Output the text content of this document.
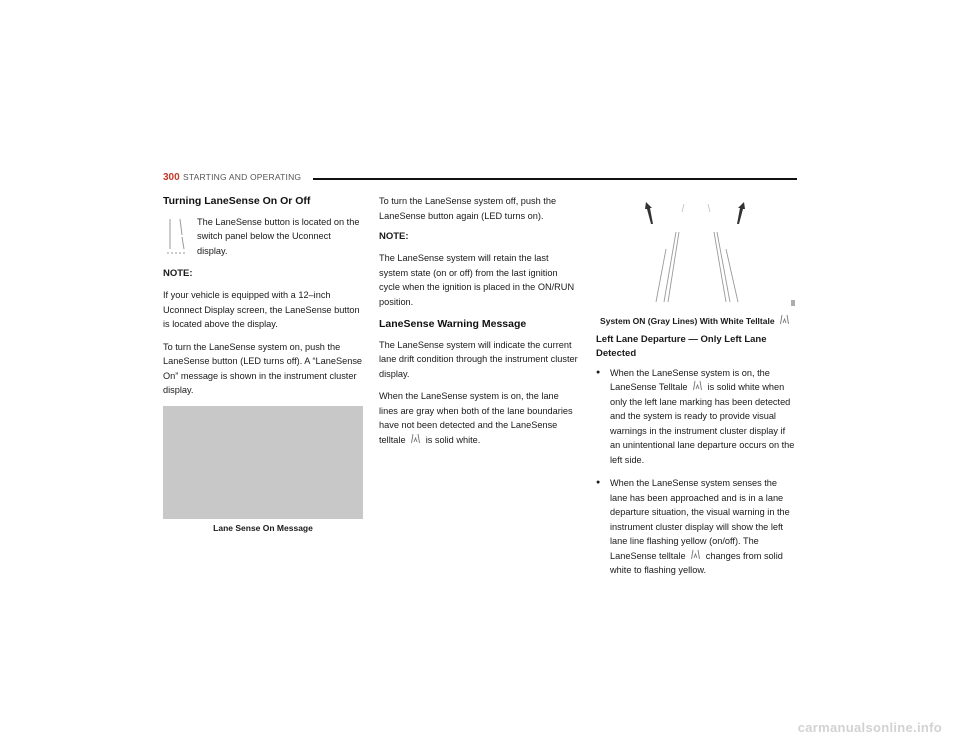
300 STARTING AND OPERATING
Turning LaneSense On Or Off
The LaneSense button is located on the switch panel below the Uconnect display.

NOTE:

If your vehicle is equipped with a 12–inch Uconnect Display screen, the LaneSense button is located above the display.

To turn the LaneSense system on, push the LaneSense button (LED turns off). A “LaneSense On” message is shown in the instrument cluster display.

Lane Sense On Message

To turn the LaneSense system off, push the LaneSense button again (LED turns on).

NOTE:

The LaneSense system will retain the last system state (on or off) from the last ignition cycle when the ignition is placed in the ON/RUN position.

LaneSense Warning Message

The LaneSense system will indicate the current lane drift condition through the instrument cluster display.

When the LaneSense system is on, the lane lines are gray when both of the lane boundaries have not been detected and the LaneSense telltale is solid white.

System ON (Gray Lines) With White Telltale
Left Lane Departure — Only Left Lane Detected
● When the LaneSense system is on, the LaneSense Telltale is solid white when only the left lane marking has been detected and the system is ready to provide visual warnings in the instrument cluster display if an unintentional lane departure occurs on the left side.
● When the LaneSense system senses the lane has been approached and is in a lane departure situation, the visual warning in the instrument cluster display will show the left lane line flashing yellow (on/off). The LaneSense telltale changes from solid white to flashing yellow.
carmanualsonline.info
